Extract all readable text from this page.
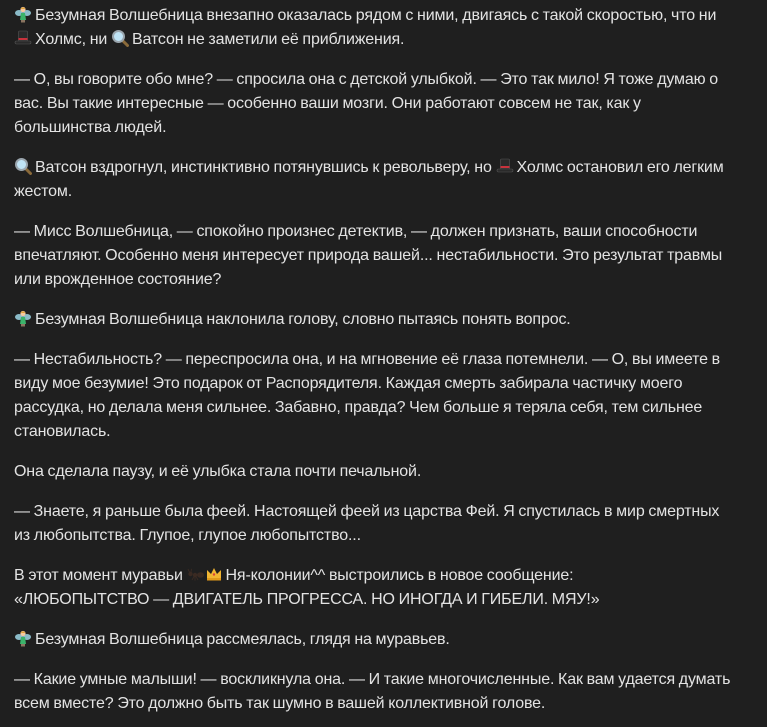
Безумная Волшебница внезапно оказалась рядом с ними, двигаясь с такой скоростью, что ни
Холмс, ни Ватсон не заметили её приближения.

— О, вы говорите обо мне? — спросила она с детской улыбкой. — Это так мило! Я тоже думаю о вас. Вы такие интересные — особенно ваши мозги. Они работают совсем не так, как у большинства людей.

Ватсон вздрогнул, инстинктивно потянувшись к револьверу, но Холмс остановил его легким жестом.

— Мисс Волшебница, — спокойно произнес детектив, — должен признать, ваши способности впечатляют. Особенно меня интересует природа вашей... нестабильности. Это результат травмы или врожденное состояние?

Безумная Волшебница наклонила голову, словно пытаясь понять вопрос.

— Нестабильность? — переспросила она, и на мгновение её глаза потемнели. — О, вы имеете в виду мое безумие! Это подарок от Распорядителя. Каждая смерть забирала частичку моего рассудка, но делала меня сильнее. Забавно, правда? Чем больше я теряла себя, тем сильнее становилась.

Она сделала паузу, и её улыбка стала почти печальной.

— Знаете, я раньше была феей. Настоящей феей из царства Фей. Я спустилась в мир смертных из любопытства. Глупое, глупое любопытство...

В этот момент муравьи	Ня-колонии^^ выстроились в новое сообщение:
«ЛЮБОПЫТСТВО — ДВИГАТЕЛЬ ПРОГРЕССА. НО ИНОГДА И ГИБЕЛИ. МЯУ!»

Безумная Волшебница рассмеялась, глядя на муравьев.

— Какие умные малыши! — воскликнула она. — И такие многочисленные. Как вам удается думать всем вместе? Это должно быть так шумно в вашей коллективной голове.
